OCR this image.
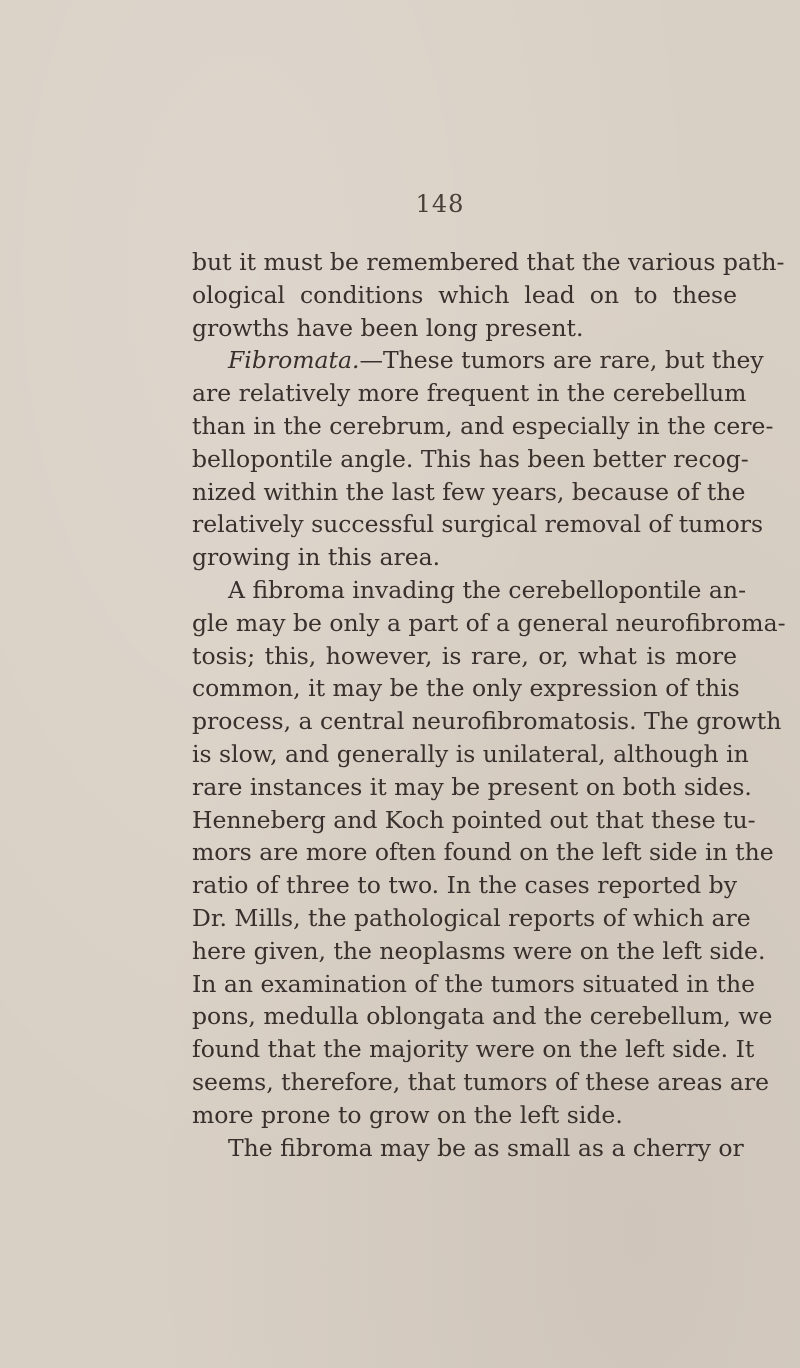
148
but it must be remembered that the various path-
ological conditions which lead on to these
growths have been long present.
Fibromata.—These tumors are rare, but they
are relatively more frequent in the cerebellum
than in the cerebrum, and especially in the cere-
bellopontile angle. This has been better recog-
nized within the last few years, because of the
relatively successful surgical removal of tumors
growing in this area.
A fibroma invading the cerebellopontile an-
gle may be only a part of a general neurofibroma-
tosis; this, however, is rare, or, what is more
common, it may be the only expression of this
process, a central neurofibromatosis. The growth
is slow, and generally is unilateral, although in
rare instances it may be present on both sides.
Henneberg and Koch pointed out that these tu-
mors are more often found on the left side in the
ratio of three to two. In the cases reported by
Dr. Mills, the pathological reports of which are
here given, the neoplasms were on the left side.
In an examination of the tumors situated in the
pons, medulla oblongata and the cerebellum, we
found that the majority were on the left side. It
seems, therefore, that tumors of these areas are
more prone to grow on the left side.
The fibroma may be as small as a cherry or
